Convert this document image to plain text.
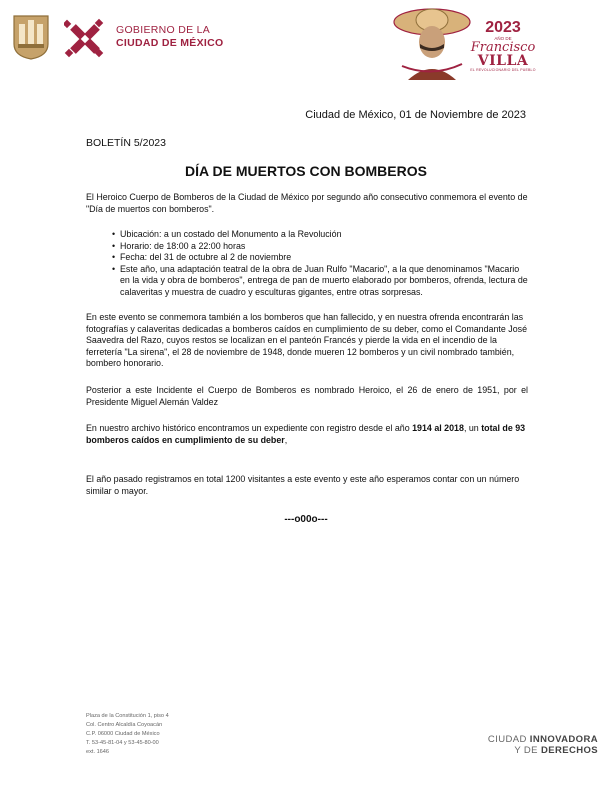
GOBIERNO DE LA
CIUDAD DE MÉXICO
2023
AÑO DE
Francisco
VILLA
EL REVOLUCIONARIO DEL PUEBLO
Ciudad de México, 01 de Noviembre de 2023
BOLETÍN 5/2023
DÍA DE MUERTOS CON BOMBEROS
El Heroico Cuerpo de Bomberos de la Ciudad de México por segundo año consecutivo conmemora el evento de "Día de muertos con bomberos".

• Ubicación: a un costado del Monumento a la Revolución

• Horario: de 18:00 a 22:00 horas

• Fecha: del 31 de octubre al 2 de noviembre

• Este año, una adaptación teatral de la obra de Juan Rulfo "Macario", a la que denominamos "Macario en la vida y obra de bomberos", entrega de pan de muerto elaborado por bomberos, ofrenda, lectura de calaveritas y muestra de cuadro y esculturas gigantes, entre otras sorpresas.

En este evento se conmemora también a los bomberos que han fallecido, y en nuestra ofrenda encontrarán las fotografías y calaveritas dedicadas a bomberos caídos en cumplimiento de su deber, como el Comandante José Saavedra del Razo, cuyos restos se localizan en el panteón Francés y pierde la vida en el incendio de la ferretería "La sirena", el 28 de noviembre de 1948, donde mueren 12 bomberos y un civil nombrado también, bombero honorario.
Posterior a este Incidente el Cuerpo de Bomberos es nombrado Heroico, el 26 de enero de 1951, por el Presidente Miguel Alemán Valdez
En nuestro archivo histórico encontramos un expediente con registro desde el año 1914 al 2018, un total de 93 bomberos caídos en cumplimiento de su deber,
El año pasado registramos en total 1200 visitantes a este evento y este año esperamos contar con un número similar o mayor.
---o00o---
Plaza de la Constitución 1, piso 4
Col. Centro Alcaldía Coyoacán
C.P. 06000 Ciudad de México
T. 53-45-81-04 y 53-45-80-00
ext. 1646
CIUDAD INNOVADORA
Y DE DERECHOS
